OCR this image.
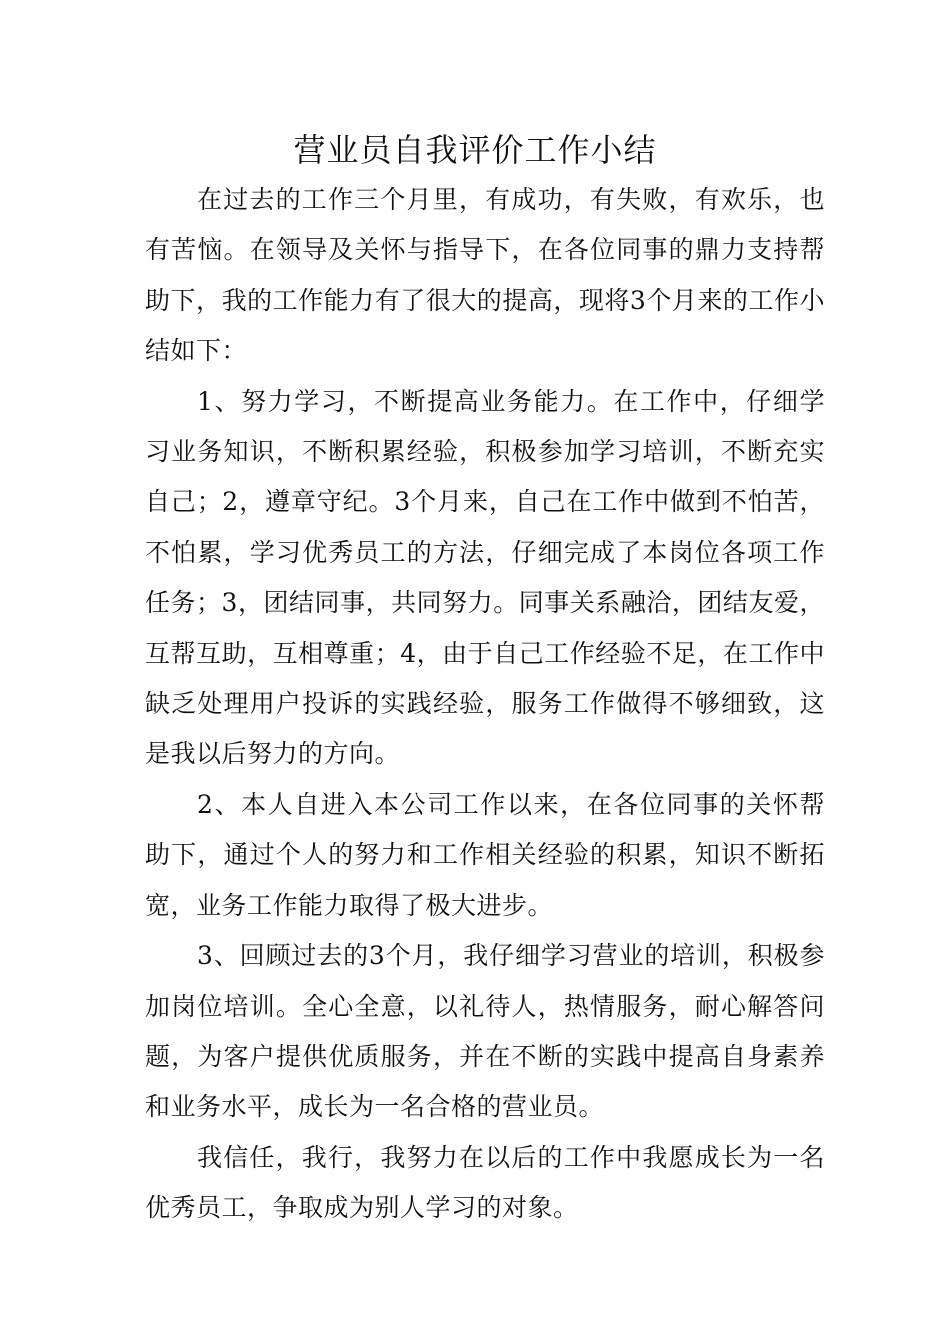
营业员自我评价工作小结

在过去的工作三个月里，有成功，有失败，有欢乐，也有苦恼。在领导及关怀与指导下，在各位同事的鼎力支持帮助下，我的工作能力有了很大的提高，现将3个月来的工作小结如下：

1、努力学习，不断提高业务能力。在工作中，仔细学习业务知识，不断积累经验，积极参加学习培训，不断充实自己；2，遵章守纪。3个月来，自己在工作中做到不怕苦，不怕累，学习优秀员工的方法，仔细完成了本岗位各项工作任务；3，团结同事，共同努力。同事关系融洽，团结友爱，互帮互助，互相尊重；4，由于自己工作经验不足，在工作中缺乏处理用户投诉的实践经验，服务工作做得不够细致，这是我以后努力的方向。

2、本人自进入本公司工作以来，在各位同事的关怀帮助下，通过个人的努力和工作相关经验的积累，知识不断拓宽，业务工作能力取得了极大进步。

3、回顾过去的3个月，我仔细学习营业的培训，积极参加岗位培训。全心全意，以礼待人，热情服务，耐心解答问题，为客户提供优质服务，并在不断的实践中提高自身素养和业务水平，成长为一名合格的营业员。

我信任，我行，我努力在以后的工作中我愿成长为一名优秀员工，争取成为别人学习的对象。
